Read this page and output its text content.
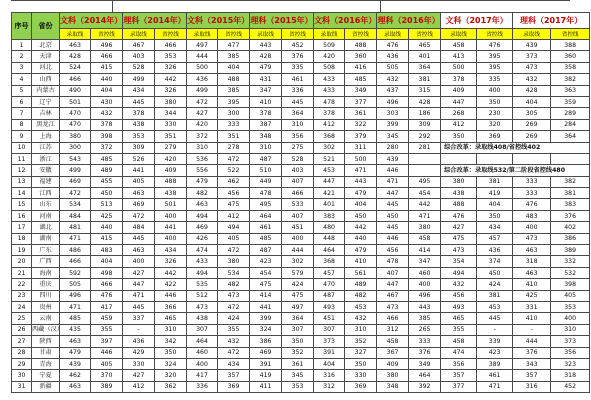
序号	省份	文科（2014年）		理科（2014年）		文科（2015年）		理科（2015年）		文科（2016年）		理科（2016年）		文科（2017年）		理科（2017年）	
		录取线	省控线	录取线	省控线	录取线	省控线	录取线	省控线	录取线	省控线	录取线	省控线	录取线	省控线	录取线	省控线
1	北京	463	496	467	466	497	477	443	452	509	488	476	465	458	476	439	388
2	天津	428	466	403	353	444	385	428	376	420	360	436	401	413	395	373	360
3	河北	524	415	528	326	500	404	479	335	508	416	505	364	500	395	473	358
4	山西	466	440	499	442	436	488	431	461	433	485	432	381	378	335	432	382
5	内蒙古	490	404	434	326	499	385	347	336	433	349	437	315	409	400	428	363
6	辽宁	501	430	445	380	472	395	410	445	478	377	496	428	447	350	404	359
7	吉林	470	432	378	344	427	300	378	364	378	361	303	186	268	230	305	289
8	黑龙江	470	378	438	330	420	333	387	310	412	322	399	309	412	320	269	284
9	上海	380	398	353	351	372	351	348	356	368	379	345	292	350	369	269	364
10	江苏	300	372	309	279	310	278	310	275	302	311	280	281	综合改革：录取线408/省控线402			
11	浙江	543	485	526	420	536	472	487	528	521	500	439					
12	安徽	499	489	441	409	556	522	510	403	453	471	446		综合改革：录取线532/第二阶段省控线480			
13	福建	469	455	405	488	479	462	449	407	447	443	471	495	380	381	333	382
14	江西	472	450	463	438	482	456	478	466	421	479	447	454	438	419	333	381
15	山东	534	513	469	501	463	475	495	533	401	404	445	442	488	404	476	383
16	河南	484	425	472	400	494	412	464	407	383	450	450	471	476	350	483	376
17	湖北	481	440	484	441	469	494	461	451	480	442	445	380	427	434	400	402
18	湖南	471	415	445	400	426	405	485	400	448	440	446	458	475	457	473	386
19	广东	486	483	463	434	474	472	487	444	464	479	456	414	473	436	463	389
20	广西	466	404	400	326	433	380	423	302	368	410	478	347	354	374	318	332
21	海南	592	498	427	442	494	534	454	579	457	561	407	460	494	450	463	532
22	重庆	505	466	447	422	535	482	475	424	470	489	447	400	432	424	410	398
23	四川	496	476	471	446	512	473	414	475	487	482	467	496	456	381	425	405
24	贵州	471	417	445	366	473	472	441	497	493	453	473	443	493	453	331	353
25	云南	485	459	337	465	438	424	399	364	451	432	466	385	465	445	410	400
26	西藏（汉）	435	355	-	310	307	355	324	307	307	310	312	265	355	-	-	310
27	陕西	463	397	436	342	464	432	386	350	373	352	458	333	458	339	444	373
28	甘肃	479	446	429	350	460	472	469	352	391	327	367	376	474	423	376	356
29	青海	439	405	330	324	400	434	391	361	404	350	409	349	356	389	343	323
30	宁夏	462	370	427	320	417	357	419	345	316	330	380	464	357	461	357	318
31	新疆	463	389	412	362	336	369	411	353	312	369	348	392	377	471	316	452
